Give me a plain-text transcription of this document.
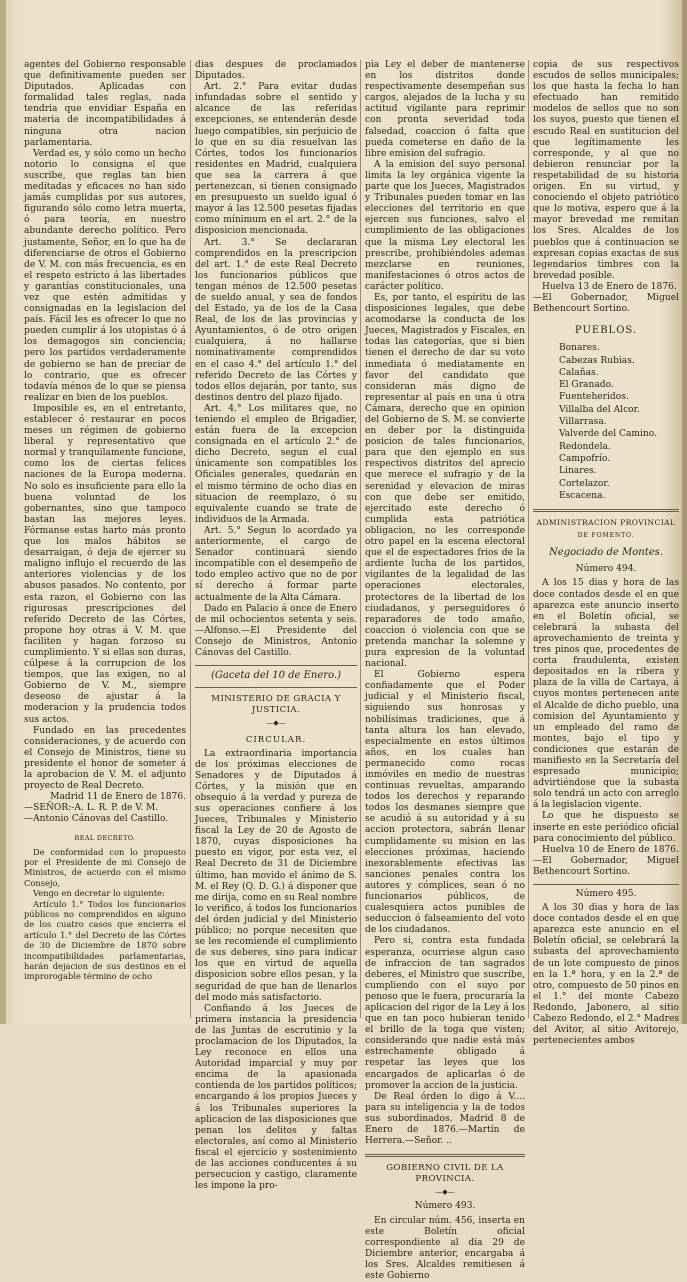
agentes del Gobierno responsable que definitivamente pueden ser Diputados. Aplicadas con formalidad tales reglas, nada tendria que envidiar España en materia de incompatibilidades á ninguna otra nacion parlamentaria.

Verdad es, y sólo como un hecho notorio lo consigna el que suscribe, que reglas tan bien meditadas y eficaces no han sido jamás cumplidas por sus autores, figurando sólo como letra muerta, ó para teoría, en nuestro abundante derecho político. Pero justamente, Señor, en lo que ha de diferenciarse de otros el Gobierno de V. M. con más frecuencia, es en el respeto estricto á las libertades y garantías constitucionales, una vez que estén admitidas y consignadas en la legislacion del país. Fácil les es ofrecer lo que no pueden cumplir á los utopistas ó á los demagogos sin conciencia; pero los partidos verdaderamente de gobierno se han de preciar de lo contrario, que es ofrecer todavía ménos de lo que se piensa realizar en bien de los pueblos.

Imposible es, en el entretanto, establecer ó restaurar en pocos meses un régimen de gobierno liberal y representativo que normal y tranquilamente funcione, como los de ciertas felices naciones de la Europa moderna. No solo es insuficiente para ello la buena voluntad de los gobernantes, sino que tampoco bastan las mejores leyes. Fórmanse estas harto más pronto que los malos hábitos se desarraigan, ó deja de ejercer su maligno influjo el recuerdo de las anteriores violencias y de los abusos pasados. No contento, por esta razon, el Gobierno con las rigurosas prescripciones del referido Decreto de las Córtes, propone hoy otras á V. M. que faciliten y hagan forzoso su cumplimiento. Y si ellas son duras, cúlpese á la corrupcion de los tiempos, que las exigen, no al Gobierno de V. M., siempre deseoso de ajustar á la moderacion y la prudencia todos sus actos.

Fundado en las precedentes consideraciones, y de acuerdo con el Consejo de Ministros, tiene su presidente el honor de someter á la aprobacion de V. M. el adjunto proyecto de Real Decreto.

Madrid 11 de Enero de 1876.

—SEÑOR:-A. L. R. P. de V. M.

—Antonio Cánovas del Castillo.

REAL DECRETO.

De conformidad con lo propuesto por el Presidente de mi Consejo de Ministros, de acuerdo con el mismo Consejo,

Vengo en decretar lo siguiente:

Artículo 1.° Todos los funcionarios públicos no comprendidos en alguno de los cuatro casos que encierra el artículo 1.° del Decreto de las Córtes de 30 de Diciembre de 1870 sobre incompatibilidades parlamentarias, harán dejacion de sus destinos en el improrogable término de ocho

dias despues de proclamados Diputados.

Art. 2.° Para evitar dudas infundadas sobre el sentido y alcance de las referidas excepciones, se entenderán desde luego compatibles, sin perjuicio de lo que en su dia resuelvan las Córtes, todos los funcionarios residentes en Madrid, cualquiera que sea la carrera á que pertenezcan, si tienen consignado en presupuesto un sueldo igual ó mayor á las 12.500 pesetas fijadas como mínimum en el art. 2.° de la disposicion mencionada.

Art. 3.° Se declararan comprendidos en la prescripcion del art. 1.° de este Real Decreto los funcionarios públicos que tengan ménos de 12.500 pesetas de sueldo anual, y sea de fondos del Estado, ya de los de la Casa Real, de los de las provincias y Ayuntamientos, ó de otro origen cualquiera, á no hallarse nominativamente comprendidos en el caso 4.° del artículo 1.° del referido Decreto de las Córtes y todos ellos dejarán, por tanto, sus destinos dentro del plazo fijado.

Art. 4.° Los militares que, no teniendo el empleo de Brigadier, están fuera de la excepcion consignada en el artículo 2.° de dicho Decreto, segun el cual únicamente son compatibles los Oficiales generales, quedarán en el mismo término de ocho dias en situacion de reemplazo, ó su equivalente cuando se trate de individuos de la Armada.

Art. 5.° Segun lo acordado ya anteriormente, el cargo de Senador continuará siendo incompatible con el desempeño de todo empleo activo que no de por sí derecho á formar parte actualmente de la Alta Cámara.

Dado en Palacio á once de Enero de mil ochocientos setenta y seis.—Alfonso.—El Presidente del Consejo de Ministros, Antonio Cánovas del Castillo.

(Gaceta del 10 de Enero.)

MINISTERIO DE GRACIA Y JUSTICIA.
—◆—
CIRCULAR.

La extraordinaria importancia de los próximas elecciones de Senadores y de Diputados á Córtes, y la misión que en obsequio á la verdad y pureza de sus operaciones confiere á los Jueces, Tribunales y Ministerio fiscal la Ley de 20 de Agosto de 1870, cuyas disposiciones ha puesto en vigor, por esta vez, el Real Decreto de 31 de Diciembre último, han movido el ánimo de S. M. el Rey (Q. D. G.) á disponer que me dirija, como en su Real nombre lo verifico, á todos los funcionarios del órden judicial y del Ministerio público; no porque necesiten que se les recomiende el cumplimiento de sus deberes, sino para indicar los que en virtud de aquella disposicion sobre ellos pesan, y la seguridad de que han de llenarlos del modo más satisfactorio.

Confiando á los Jueces de primera instancia la presidencia de las Juntas de escrutinio y la proclamacion de los Diputados, la Ley reconoce en ellos una Autoridad imparcial y muy por encima de la apasionada contienda de los partidos políticos; encargando á los propios Jueces y á los Tribunales superiores la aplicacion de las disposiciones que penan los delitos y faltas electorales, así como al Ministerio fiscal el ejercicio y sostenimiento de las acciones conducentes á su persecucion y castigo, claramente les impone la pro-

pia Ley el deber de mantenerse en los distritos donde respectivamente desempeñan sus cargos, alejados de la lucha y su actitud vigilante para reprimir con pronta severidad toda falsedad, coaccion ó falta que pueda cometerse en daño de la libre emision del sufragio.

A la emision del suyo personal limita la ley orgánica vigente la parte que los Jueces, Magistrados y Tribunales pueden tomar en las elecciones del territorio en que ejercen sus funciones, salvo el cumplimiento de las obligaciones que la misma Ley electoral les prescribe, prohibiéndoles ademas mezclarse en reuniones, manifestaciones ó otros actos de carácter político.

Es, por tanto, el espíritu de las disposiciones legales, que debe acomodarse la conducta de los Jueces, Magistrados y Fiscales, en todas las categorías, que si bien tienen el derecho de dar su voto inmediata ó mediatamente en favor del candidato que consideran más digno de representar al país en una ú otra Cámara, derecho que en opinion del Gobierno de S. M. se convierte en deber por la distinguida posicion de tales funcionarios, para que den ejemplo en sus respectivos distritos del aprecio que merece el sufragio y de la serenidad y elevacion de miras con que debe ser emitido, ejercitado este derecho ó cumplida esta patriótica obligacion, no les corresponde otro papel en la escena electoral que el de espectadores frios de la ardiente lucha de los partidos, vigilantes de la legalidad de las operaciones electorales, protectores de la libertad de los ciudadanos, y perseguidores ó reparadores de todo amaño, coaccion ó violencia con que se pretenda manchar la solemne y pura expresion de la voluntad nacional.

El Gobierno espera confiadamente que el Poder judicial y el Ministerio fiscal, siguiendo sus honrosas y nobilísimas tradiciones, que á tanta altura los han elevado, especialmente en estos últimos años, en los cuales han permanecido como rocas inmóviles en medio de nuestras continuas revueltas, amparando todos los derechos y reparando todos los desmanes siempre que se acudió á su autoridad y á su accion protectora, sabrán llenar cumplidamente su mision en las elecciones próximas, haciendo inexorablemente efectivas las sanciones penales contra los autores y cómplices, sean ó no funcionarios públicos, de cualesquiera actos punibles de seduccion ó falseamiento del voto de los ciudadanos.

Pero si, contra esta fundada esperanza, ocurriese algun caso de infraccion de tan sagrados deberes, el Ministro que suscribe, cumpliendo con el suyo por penoso que le fuera, procuraría la aplicacion del rigor de la Ley á los que en tan poco hubieran tenido el brillo de la toga que visten; considerando que nadie está más estrechamente obligado á respetar las leyes que los encargados de aplicarlas ó de promover la accion de la justicia.

De Real órden lo digo á V.... para su inteligencia y la de todos sus subordinados. Madrid 8 de Enero de 1876.—Martín de Herrera.—Señor. ..

GOBIERNO CIVIL DE LA PROVINCIA.
—◆—

Número 493.

En circular núm. 456, inserta en este Boletín oficial correspondiente al dia 29 de Diciembre anterior, encargaba á los Sres. Alcaldes remitiesen á este Gobierno

copia de sus respectivos escudos de sellos municipales; los que hasta la fecha lo han efectuado han remitido modelos de sellos que no son los suyos, puesto que tienen el escudo Real en sustitucion del que legítimamente les corresponde, y al que no debieron renunciar por la respetabilidad de su historia origen. En su virtud, y conociendo el objeto patriótico que lo motiva, espero que á la mayor brevedad me remitan los Sres. Alcaldes de los pueblos que á continuacion se expresan copias exactas de sus legendarios timbres con la brevedad posible.

Huelva 13 de Enero de 1876.

—El Gobernador, Miguel Bethencourt Sortino.

PUEBLOS.
Bonares.
Cabezas Rubias.
Calañas.
El Granado.
Fuenteheridos.
Villalba del Alcor.
Villarrasa.
Valverde del Camino.
Redondela.
Campofrío.
Linares.
Cortelazor.
Escacena.
ADMINISTRACION PROVINCIAL
DE FOMENTO.

Negociado de Montes.

Número 494.

A los 15 dias y hora de las doce contados desde el en que aparezca este anuncio inserto en el Boletín oficial, se celebrará la subasta del aprovechamiento de treinta y tres pinos que, procedentes de corta fraudulenta, existen depositados en la ribera y plaza de la villa de Cartaya, á cuyos montes pertenecen ante el Alcalde de dicho pueblo, una comision del Ayuntamiento y un empleado del ramo de montes, bajo el tipo y condiciones que estarán de manifiesto en la Secretaría del espresado municipio; advirtiéndose que la subasta solo tendrá un acto con arreglo á la legislacion vigente.

Lo que he dispuesto se inserte en este periódico oficial para conocimiento del público.

Huelva 10 de Enero de 1876.—El Gobernador, Miguel Bethencourt Sortino.

Número 495.

A los 30 dias y hora de las doce contados desde el en que aparezca este anuncio en el Boletín oficial, se celebrará la subasta del aprovechamiento de un lote compuesto de pinos en la 1.ª hora, y en la 2.ª de otro, compuesto de 50 pinos en el 1.° del monte Cabezo Redondo, Jabonero, al sitio Cabezo Redondo, el 2.° Madres del Avitor, al sitio Avitorejo, pertenecientes ambos
